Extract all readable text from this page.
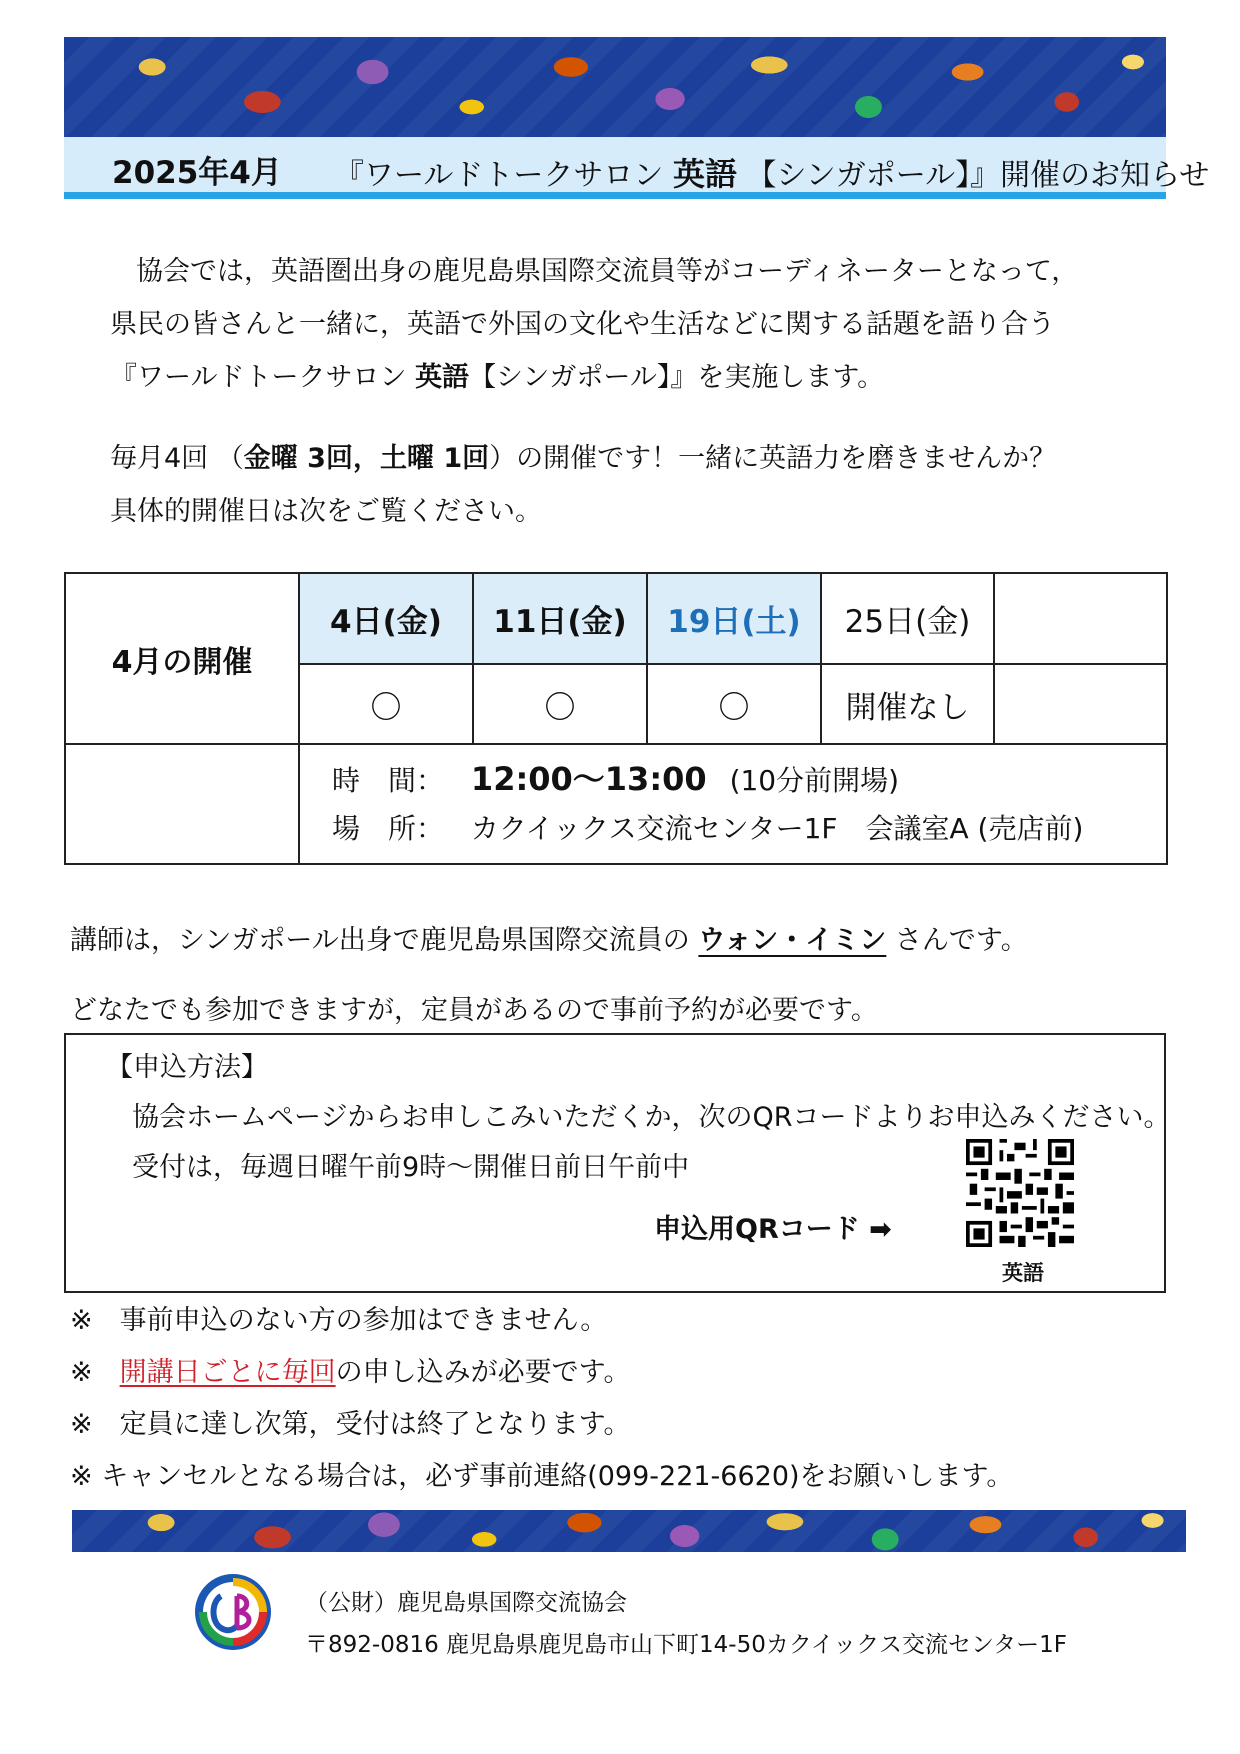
2025年4月 『ワールドトークサロン 英語 【シンガポール】』開催のお知らせ
協会では，英語圏出身の鹿児島県国際交流員等がコーディネーターとなって，
県民の皆さんと一緒に，英語で外国の文化や生活などに関する話題を語り合う
『ワールドトークサロン 英語【シンガポール】』を実施します。
毎月4回 （金曜 3回，土曜 1回）の開催です！一緒に英語力を磨きませんか？
具体的開催日は次をご覧ください。
4月の開催	4日(金)	11日(金)	19日(土)	25日(金)	
	〇	〇	〇	開催なし	

	時　間： 12:00～13:00 (10分前開場)
場　所： カクイックス交流センター1F　会議室A (売店前)				
講師は，シンガポール出身で鹿児島県国際交流員の ウォン・イミン さんです。
どなたでも参加できますが，定員があるので事前予約が必要です。
【申込方法】
協会ホームページからお申しこみいただくか，次のQRコードよりお申込みください。
受付は，毎週日曜午前9時～開催日前日午前中
申込用QRコード ➡
英語
※　事前申込のない方の参加はできません。
※　開講日ごとに毎回の申し込みが必要です。
※　定員に達し次第，受付は終了となります。
※ キャンセルとなる場合は，必ず事前連絡(099-221-6620)をお願いします。
（公財）鹿児島県国際交流協会
〒892-0816 鹿児島県鹿児島市山下町14-50カクイックス交流センター1F
